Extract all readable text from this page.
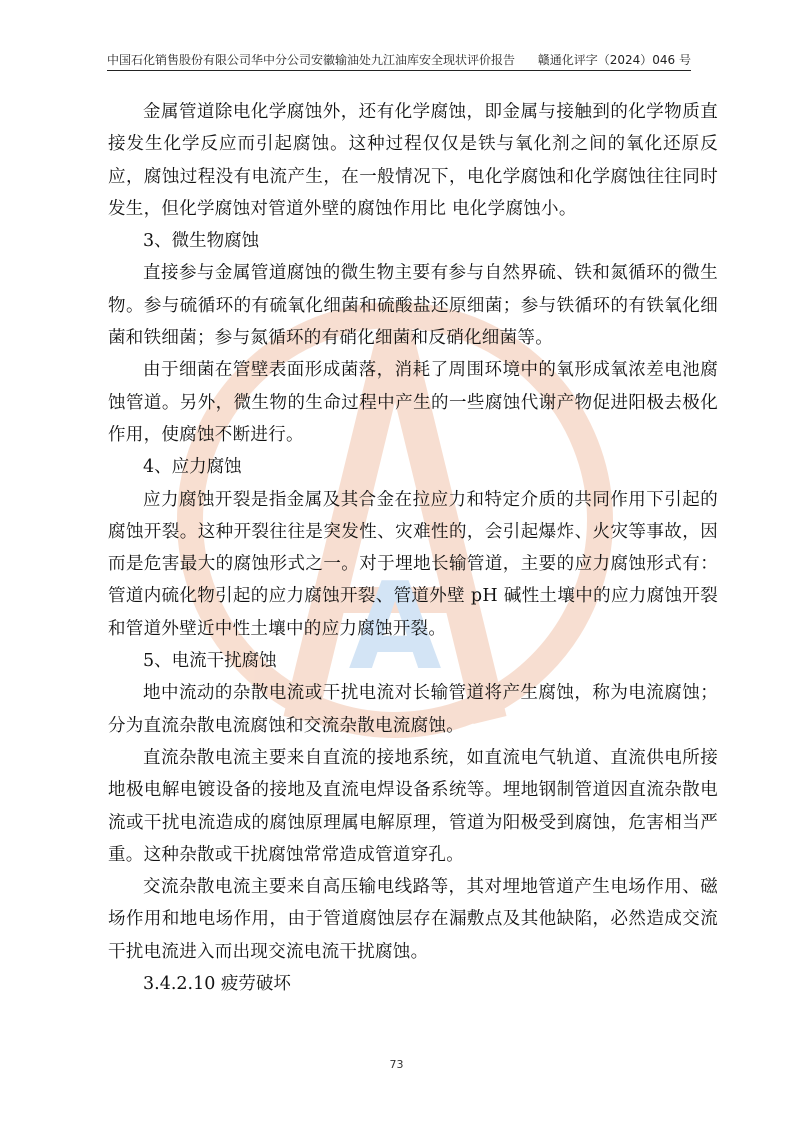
A
中国石化销售股份有限公司华中分公司安徽输油处九江油库安全现状评价报告 赣通化评字（2024）046 号

金属管道除电化学腐蚀外，还有化学腐蚀，即金属与接触到的化学物质直接发生化学反应而引起腐蚀。这种过程仅仅是铁与氧化剂之间的氧化还原反应，腐蚀过程没有电流产生，在一般情况下，电化学腐蚀和化学腐蚀往往同时发生，但化学腐蚀对管道外壁的腐蚀作用比 电化学腐蚀小。

3、微生物腐蚀

直接参与金属管道腐蚀的微生物主要有参与自然界硫、铁和氮循环的微生物。参与硫循环的有硫氧化细菌和硫酸盐还原细菌；参与铁循环的有铁氧化细菌和铁细菌；参与氮循环的有硝化细菌和反硝化细菌等。

由于细菌在管壁表面形成菌落，消耗了周围环境中的氧形成氧浓差电池腐蚀管道。另外，微生物的生命过程中产生的一些腐蚀代谢产物促进阳极去极化作用，使腐蚀不断进行。

4、应力腐蚀

应力腐蚀开裂是指金属及其合金在拉应力和特定介质的共同作用下引起的腐蚀开裂。这种开裂往往是突发性、灾难性的，会引起爆炸、火灾等事故，因而是危害最大的腐蚀形式之一。对于埋地长输管道，主要的应力腐蚀形式有：管道内硫化物引起的应力腐蚀开裂、管道外壁 pH 碱性土壤中的应力腐蚀开裂和管道外壁近中性土壤中的应力腐蚀开裂。

5、电流干扰腐蚀

地中流动的杂散电流或干扰电流对长输管道将产生腐蚀，称为电流腐蚀；分为直流杂散电流腐蚀和交流杂散电流腐蚀。

直流杂散电流主要来自直流的接地系统，如直流电气轨道、直流供电所接地极电解电镀设备的接地及直流电焊设备系统等。埋地钢制管道因直流杂散电流或干扰电流造成的腐蚀原理属电解原理，管道为阳极受到腐蚀，危害相当严重。这种杂散或干扰腐蚀常常造成管道穿孔。

交流杂散电流主要来自高压输电线路等，其对埋地管道产生电场作用、磁场作用和地电场作用，由于管道腐蚀层存在漏敷点及其他缺陷，必然造成交流干扰电流进入而出现交流电流干扰腐蚀。

3.4.2.10 疲劳破坏

73
